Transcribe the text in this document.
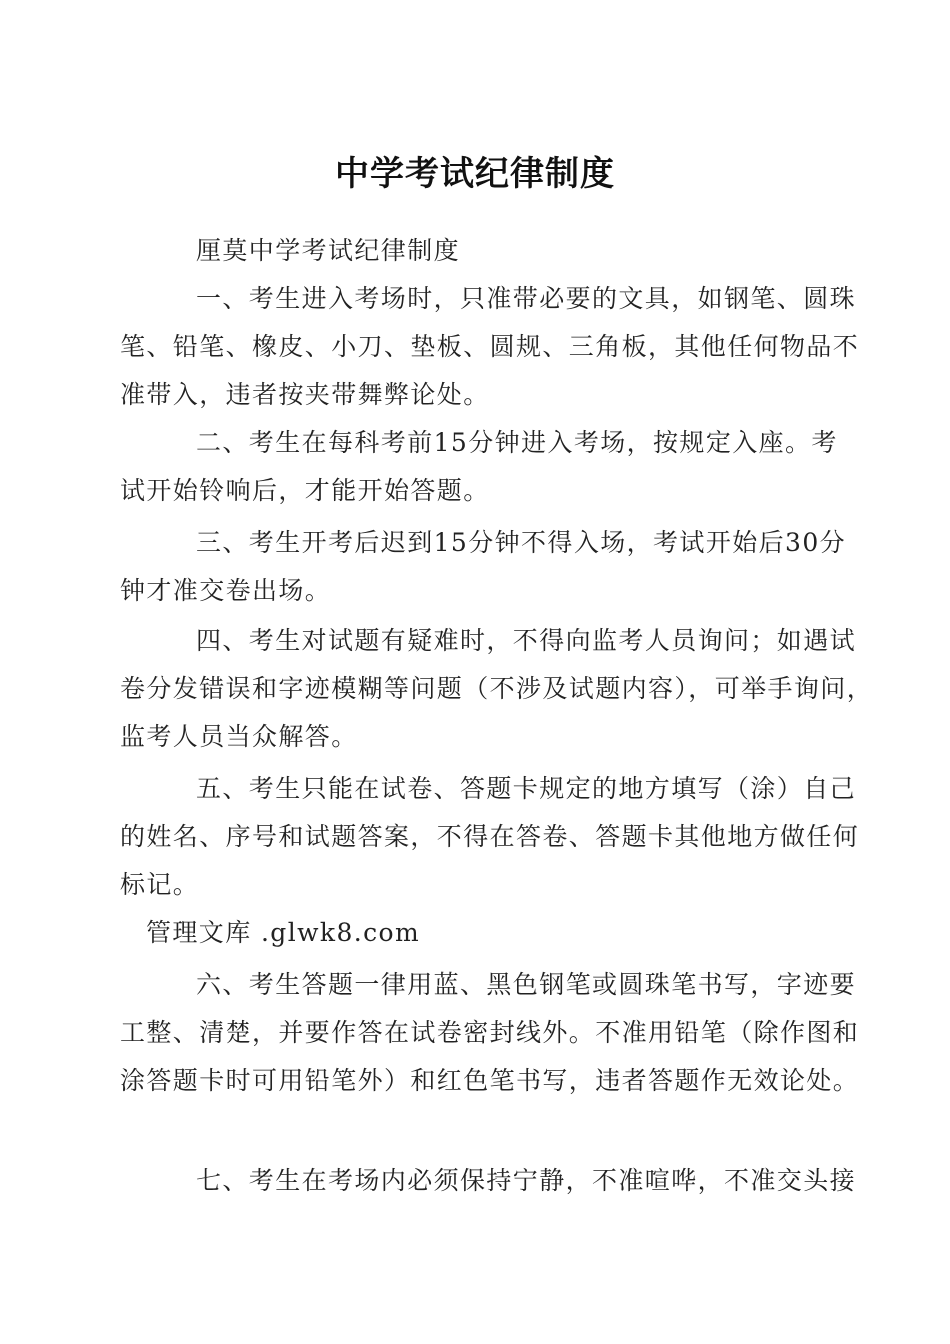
中学考试纪律制度

厘莫中学考试纪律制度

一、考生进入考场时，只准带必要的文具，如钢笔、圆珠

笔、铅笔、橡皮、小刀、垫板、圆规、三角板，其他任何物品不

准带入，违者按夹带舞弊论处。

二、考生在每科考前15分钟进入考场，按规定入座。考

试开始铃响后，才能开始答题。

三、考生开考后迟到15分钟不得入场，考试开始后30分

钟才准交卷出场。

四、考生对试题有疑难时，不得向监考人员询问；如遇试

卷分发错误和字迹模糊等问题（不涉及试题内容），可举手询问，

监考人员当众解答。

五、考生只能在试卷、答题卡规定的地方填写（涂）自己

的姓名、序号和试题答案，不得在答卷、答题卡其他地方做任何

标记。

管理文库 .glwk8.com

六、考生答题一律用蓝、黑色钢笔或圆珠笔书写，字迹要

工整、清楚，并要作答在试卷密封线外。不准用铅笔（除作图和

涂答题卡时可用铅笔外）和红色笔书写，违者答题作无效论处。

七、考生在考场内必须保持宁静，不准喧哗，不准交头接
